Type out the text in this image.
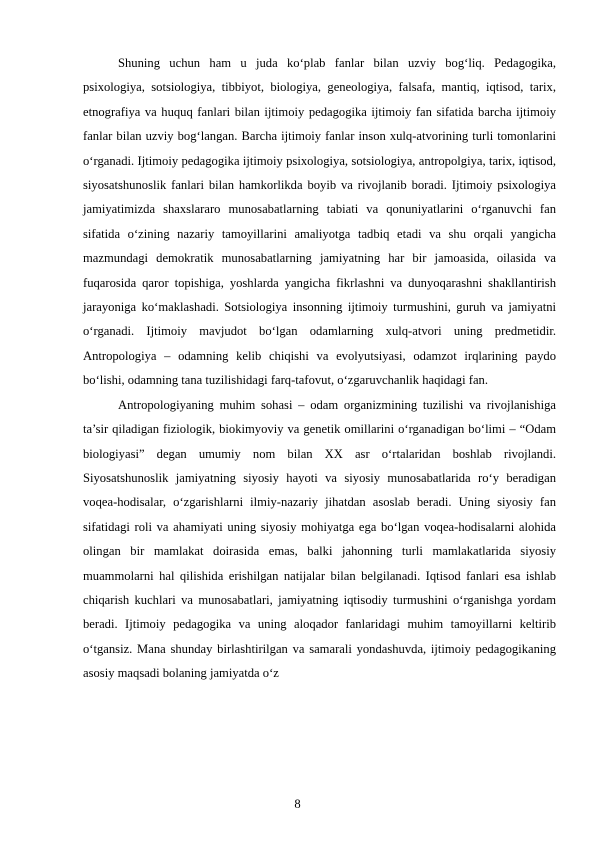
Shuning uchun ham u juda ko‘plab fanlar bilan uzviy bog‘liq. Pedagogika, psixologiya, sotsiologiya, tibbiyot, biologiya, geneologiya, falsafa, mantiq, iqtisod, tarix, etnografiya va huquq fanlari bilan ijtimoiy pedagogika ijtimoiy fan sifatida barcha ijtimoiy fanlar bilan uzviy bog‘langan. Barcha ijtimoiy fanlar inson xulq-atvorining turli tomonlarini o‘rganadi. Ijtimoiy pedagogika ijtimoiy psixologiya, sotsiologiya, antropolgiya, tarix, iqtisod, siyosatshunoslik fanlari bilan hamkorlikda boyib va rivojlanib boradi. Ijtimoiy psixologiya jamiyatimizda shaxslararo munosabatlarning tabiati va qonuniyatlarini o‘rganuvchi fan sifatida o‘zining nazariy tamoyillarini amaliyotga tadbiq etadi va shu orqali yangicha mazmundagi demokratik munosabatlarning jamiyatning har bir jamoasida, oilasida va fuqarosida qaror topishiga, yoshlarda yangicha fikrlashni va dunyoqarashni shakllantirish jarayoniga ko‘maklashadi. Sotsiologiya insonning ijtimoiy turmushini, guruh va jamiyatni o‘rganadi. Ijtimoiy mavjudot bo‘lgan odamlarning xulq-atvori uning predmetidir. Antropologiya – odamning kelib chiqishi va evolyutsiyasi, odamzot irqlarining paydo bo‘lishi, odamning tana tuzilishidagi farq-tafovut, o‘zgaruvchanlik haqidagi fan.

Antropologiyaning muhim sohasi – odam organizmining tuzilishi va rivojlanishiga ta’sir qiladigan fiziologik, biokimyoviy va genetik omillarini o‘rganadigan bo‘limi – “Odam biologiyasi” degan umumiy nom bilan XX asr o‘rtalaridan boshlab rivojlandi. Siyosatshunoslik jamiyatning siyosiy hayoti va siyosiy munosabatlarida ro‘y beradigan voqea-hodisalar, o‘zgarishlarni ilmiy-nazariy jihatdan asoslab beradi. Uning siyosiy fan sifatidagi roli va ahamiyati uning siyosiy mohiyatga ega bo‘lgan voqea-hodisalarni alohida olingan bir mamlakat doirasida emas, balki jahonning turli mamlakatlarida siyosiy muammolarni hal qilishida erishilgan natijalar bilan belgilanadi. Iqtisod fanlari esa ishlab chiqarish kuchlari va munosabatlari, jamiyatning iqtisodiy turmushini o‘rganishga yordam beradi. Ijtimoiy pedagogika va uning aloqador fanlaridagi muhim tamoyillarni keltirib o‘tgansiz. Mana shunday birlashtirilgan va samarali yondashuvda, ijtimoiy pedagogikaning asosiy maqsadi bolaning jamiyatda o‘z

8
